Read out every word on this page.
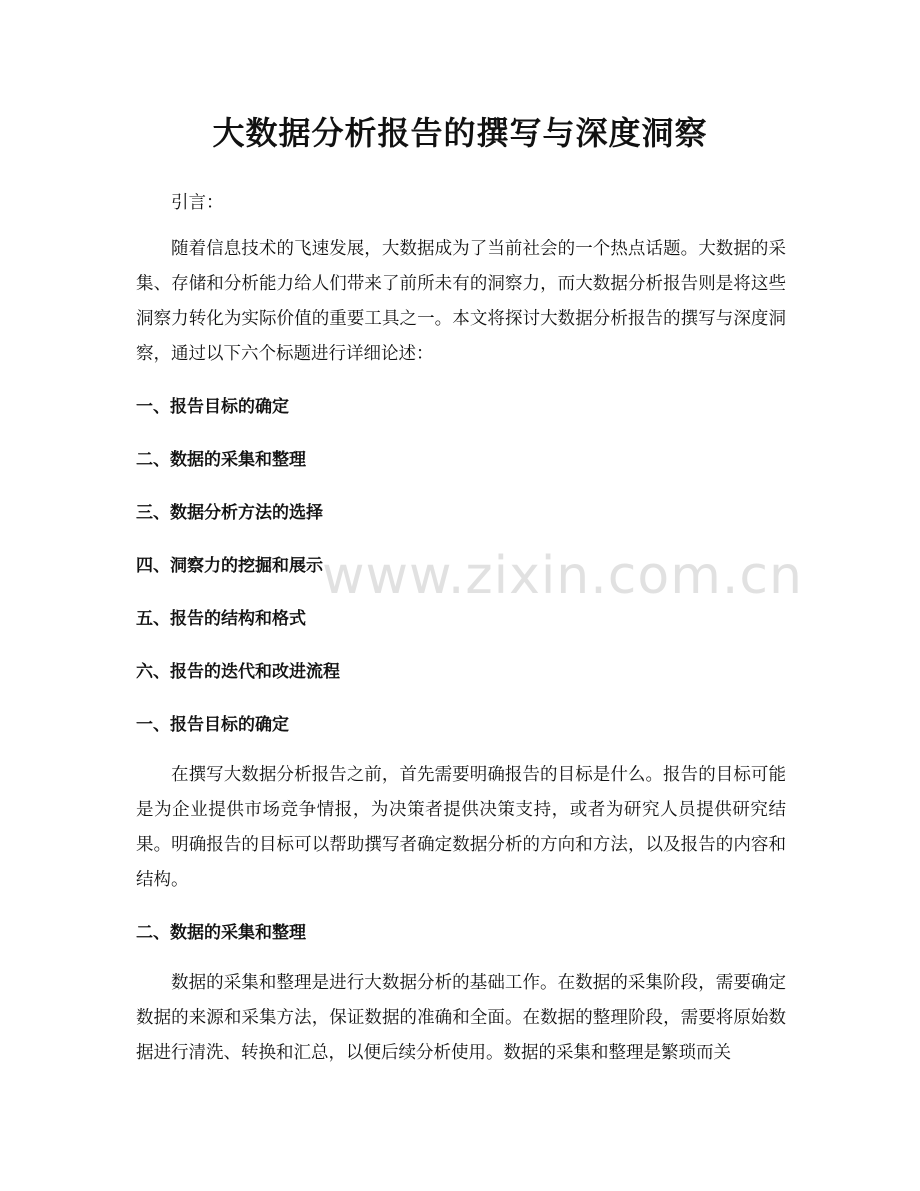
大数据分析报告的撰写与深度洞察

引言：

随着信息技术的飞速发展，大数据成为了当前社会的一个热点话题。大数据的采集、存储和分析能力给人们带来了前所未有的洞察力，而大数据分析报告则是将这些洞察力转化为实际价值的重要工具之一。本文将探讨大数据分析报告的撰写与深度洞察，通过以下六个标题进行详细论述：

一、报告目标的确定
二、数据的采集和整理
三、数据分析方法的选择
四、洞察力的挖掘和展示
五、报告的结构和格式
六、报告的迭代和改进流程
一、报告目标的确定

在撰写大数据分析报告之前，首先需要明确报告的目标是什么。报告的目标可能是为企业提供市场竞争情报，为决策者提供决策支持，或者为研究人员提供研究结果。明确报告的目标可以帮助撰写者确定数据分析的方向和方法，以及报告的内容和结构。

二、数据的采集和整理

数据的采集和整理是进行大数据分析的基础工作。在数据的采集阶段，需要确定数据的来源和采集方法，保证数据的准确和全面。在数据的整理阶段，需要将原始数据进行清洗、转换和汇总，以便后续分析使用。数据的采集和整理是繁琐而关

www.zixin.com.cn
